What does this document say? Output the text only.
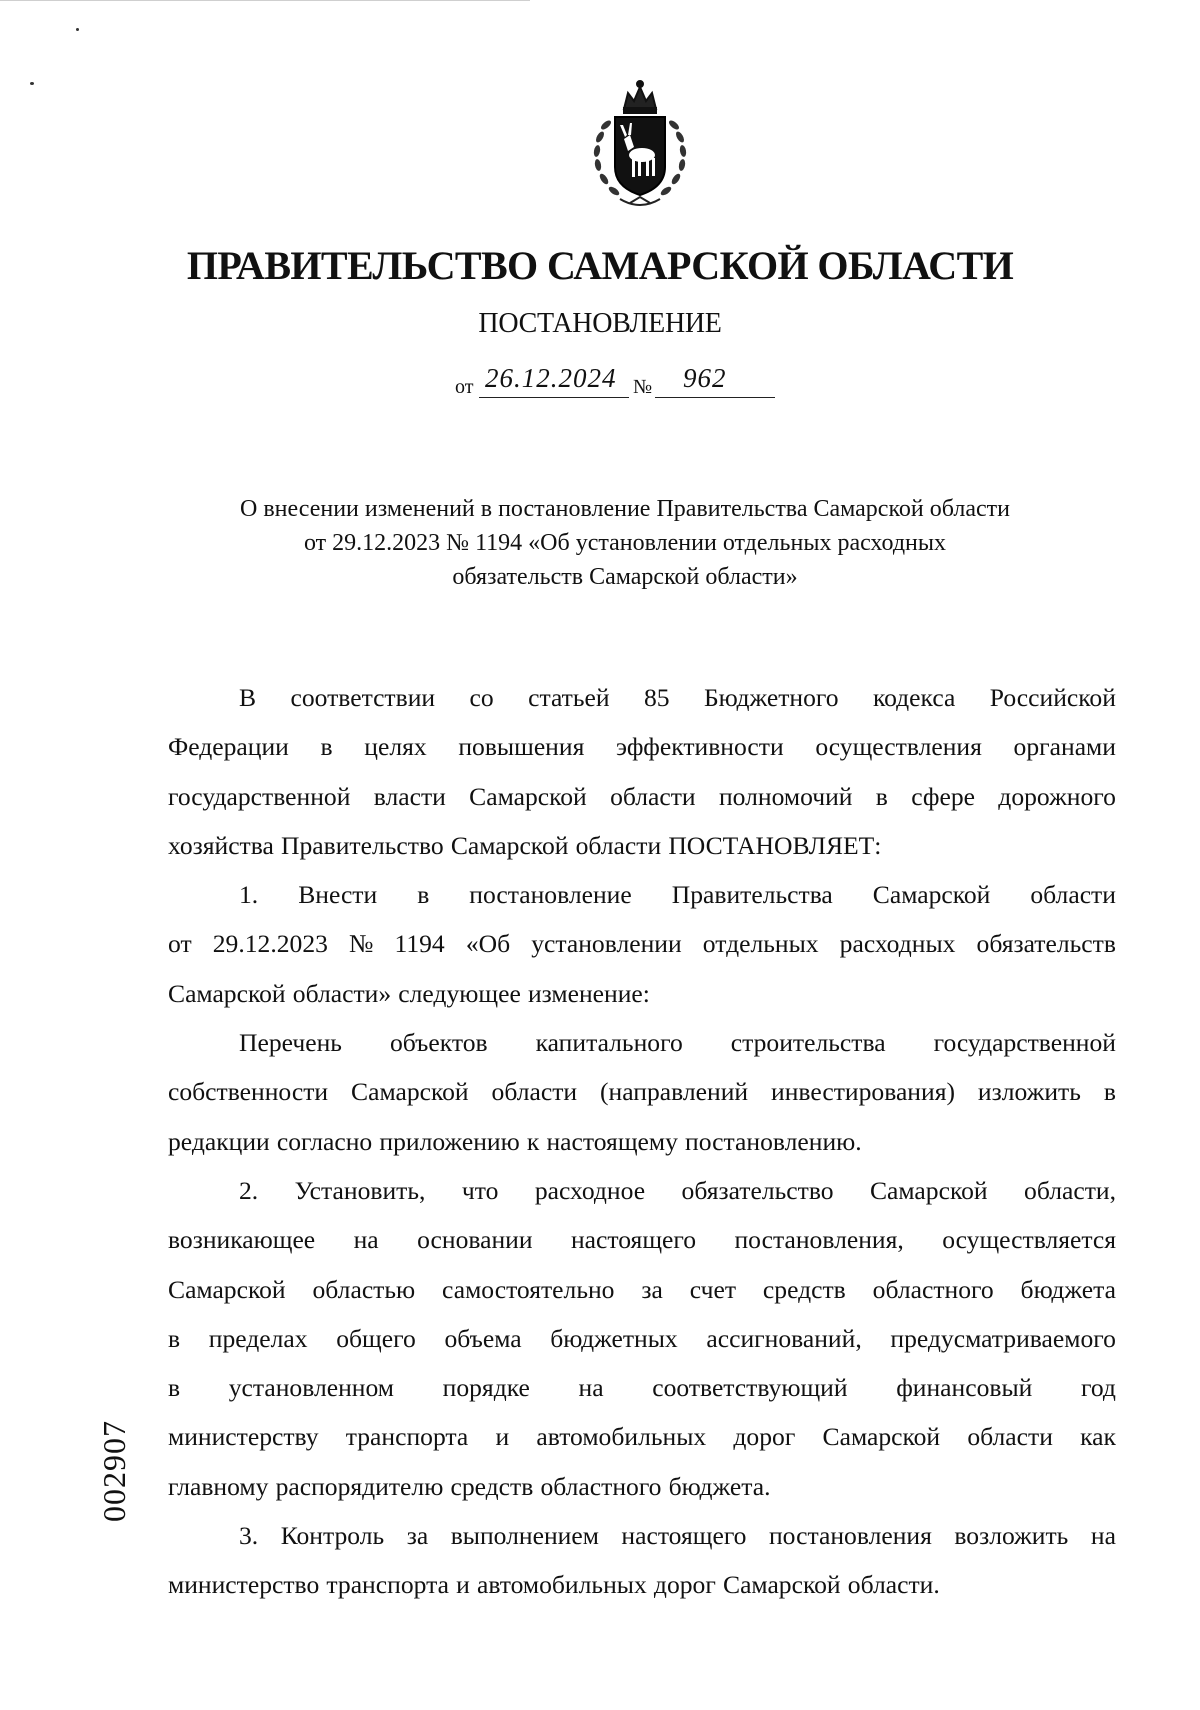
ПРАВИТЕЛЬСТВО САМАРСКОЙ ОБЛАСТИ
ПОСТАНОВЛЕНИЕ
от 26.12.2024 № 962
О внесении изменений в постановление Правительства Самарской области
от 29.12.2023 № 1194 «Об установлении отдельных расходных
обязательств Самарской области»
В соответствии со статьей 85 Бюджетного кодекса Российской
Федерации в целях повышения эффективности осуществления органами
государственной власти Самарской области полномочий в сфере дорожного
хозяйства Правительство Самарской области ПОСТАНОВЛЯЕТ:
1. Внести в постановление Правительства Самарской области
от 29.12.2023 № 1194 «Об установлении отдельных расходных обязательств
Самарской области» следующее изменение:
Перечень объектов капитального строительства государственной
собственности Самарской области (направлений инвестирования) изложить в
редакции согласно приложению к настоящему постановлению.
2. Установить, что расходное обязательство Самарской области,
возникающее на основании настоящего постановления, осуществляется
Самарской областью самостоятельно за счет средств областного бюджета
в пределах общего объема бюджетных ассигнований, предусматриваемого
в установленном порядке на соответствующий финансовый год
министерству транспорта и автомобильных дорог Самарской области как
главному распорядителю средств областного бюджета.
3. Контроль за выполнением настоящего постановления возложить на
министерство транспорта и автомобильных дорог Самарской области.
002907
